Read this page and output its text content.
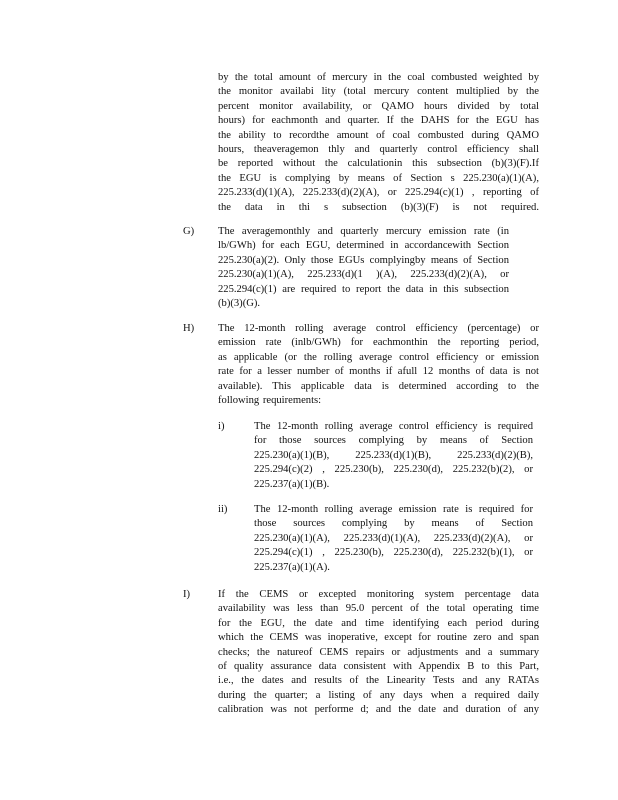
by the total amount of mercury in the coal combusted weighted by
the monitor availabi lity (total mercury content multiplied by the
percent monitor availability, or QAMO hours divided by total
hours) for eachmonth and quarter. If the DAHS for the EGU has
the ability to recordthe amount of coal combusted during QAMO
hours, theaveragemon thly and quarterly control efficiency shall
be reported without the calculationin this subsection (b)(3)(F).If
the EGU is complying by means of Section s 225.230(a)(1)(A),
225.233(d)(1)(A), 225.233(d)(2)(A), or 225.294(c)(1) , reporting of
the data in thi s subsection (b)(3)(F) is not required.
G) The averagemonthly and quarterly mercury emission rate (in
lb/GWh) for each EGU, determined in accordancewith Section
225.230(a)(2). Only those EGUs complyingby means of Section
225.230(a)(1)(A), 225.233(d)(1 )(A), 225.233(d)(2)(A), or
225.294(c)(1) are required to report the data in this subsection
(b)(3)(G).
H) The 12-month rolling average control efficiency (percentage) or
emission rate (inlb/GWh) for eachmonthin the reporting period,
as applicable (or the rolling average control efficiency or emission
rate for a lesser number of months if afull 12 months of data is not
available). This applicable data is determined according to the
following requirements:
i)	The 12-month rolling average control efficiency is required
for those sources complying by means of Section
225.230(a)(1)(B), 225.233(d)(1)(B), 225.233(d)(2)(B),
225.294(c)(2) , 225.230(b), 225.230(d), 225.232(b)(2), or
225.237(a)(1)(B).
ii)	The 12-month rolling average emission rate is required for
those sources complying by means of Section
225.230(a)(1)(A), 225.233(d)(1)(A), 225.233(d)(2)(A), or
225.294(c)(1) , 225.230(b), 225.230(d), 225.232(b)(1), or
225.237(a)(1)(A).
I)	If the CEMS or excepted monitoring system percentage data
availability was less than 95.0 percent of the total operating time
for the EGU, the date and time identifying each period during
which the CEMS was inoperative, except for routine zero and span
checks; the natureof CEMS repairs or adjustments and a summary
of quality assurance data consistent with Appendix B to this Part,
i.e., the dates and results of the Linearity Tests and any RATAs
during the quarter; a listing of any days when a required daily
calibration was not performe d; and the date and duration of any
